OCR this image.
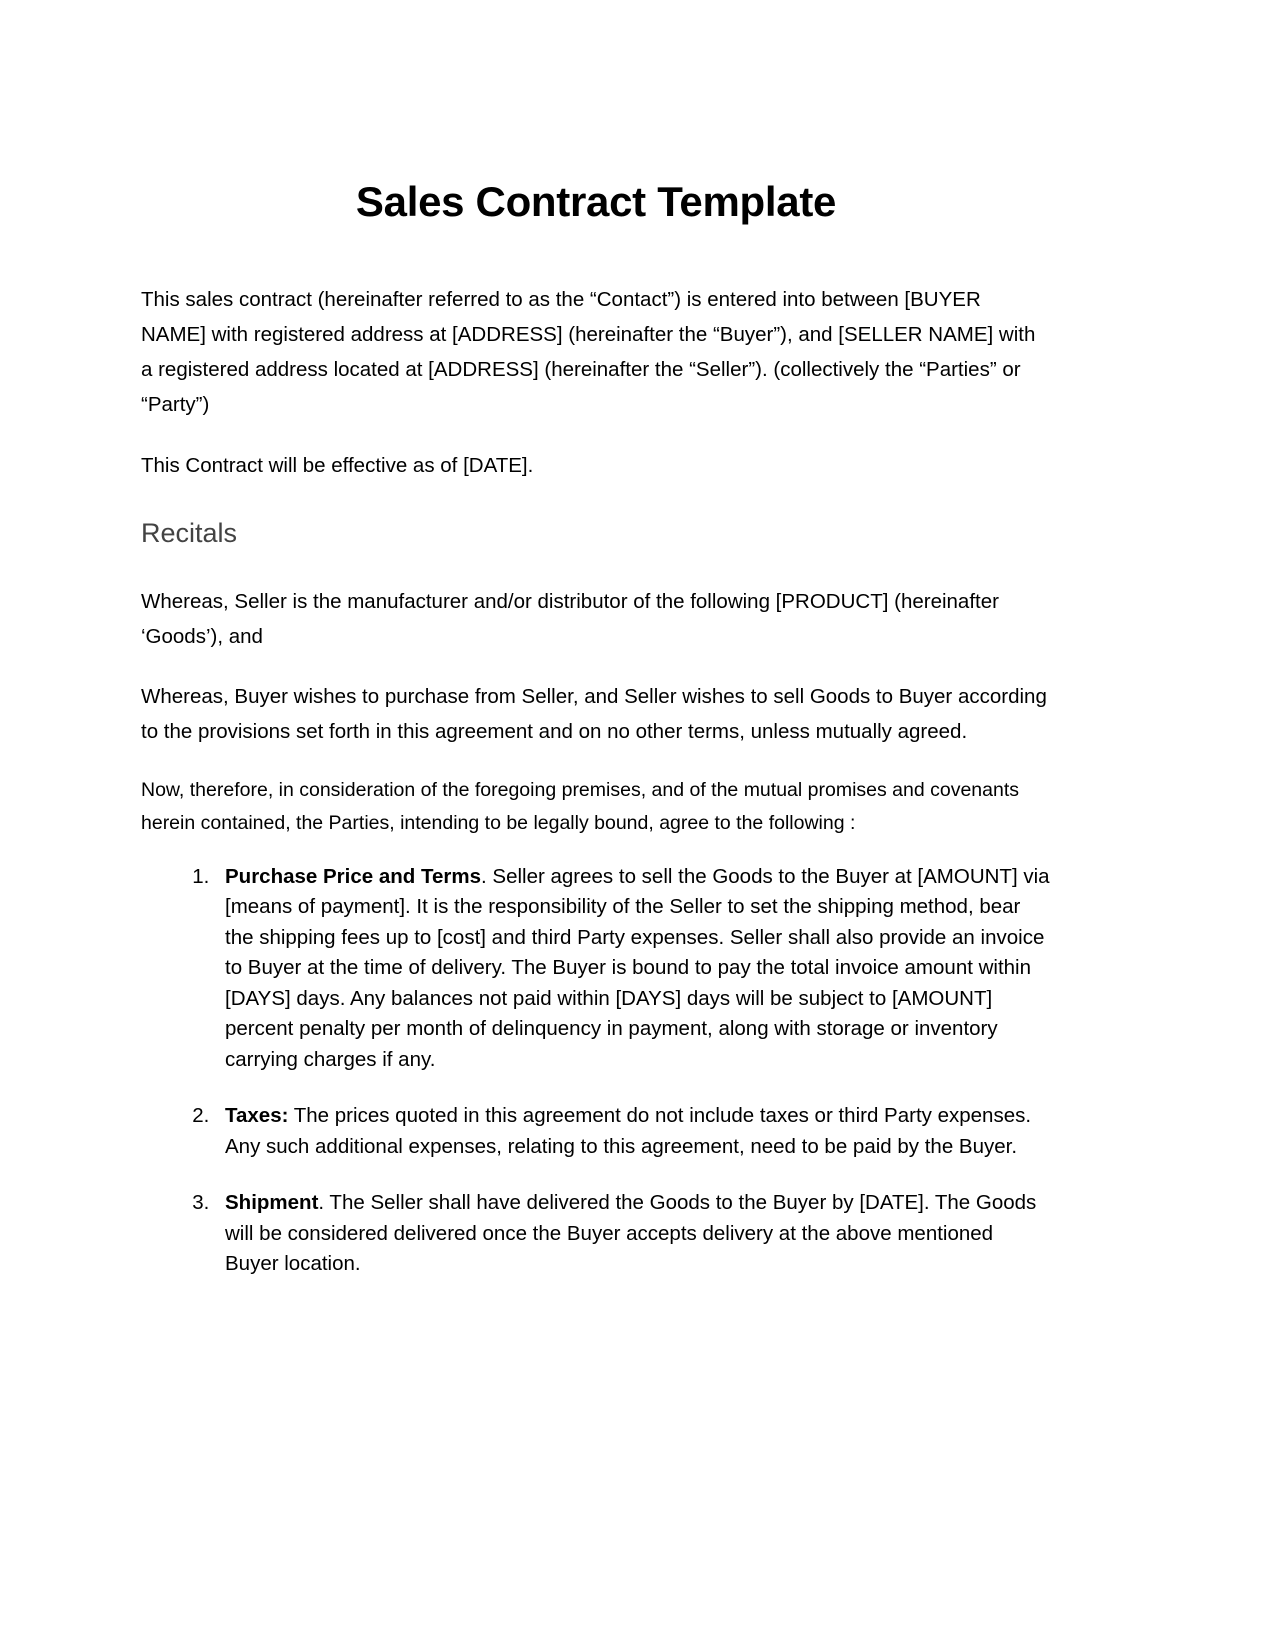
Sales Contract Template

This sales contract (hereinafter referred to as the “Contact”) is entered into between [BUYER NAME] with registered address at [ADDRESS] (hereinafter the “Buyer”), and [SELLER NAME] with a registered address located at [ADDRESS] (hereinafter the “Seller”). (collectively the “Parties” or “Party”)

This Contract will be effective as of [DATE].

Recitals

Whereas, Seller is the manufacturer and/or distributor of the following [PRODUCT] (hereinafter ‘Goods’), and

Whereas, Buyer wishes to purchase from Seller, and Seller wishes to sell Goods to Buyer according to the provisions set forth in this agreement and on no other terms, unless mutually agreed.

Now, therefore, in consideration of the foregoing premises, and of the mutual promises and covenants herein contained, the Parties, intending to be legally bound, agree to the following :

1. Purchase Price and Terms. Seller agrees to sell the Goods to the Buyer at [AMOUNT] via [means of payment]. It is the responsibility of the Seller to set the shipping method, bear the shipping fees up to [cost] and third Party expenses. Seller shall also provide an invoice to Buyer at the time of delivery. The Buyer is bound to pay the total invoice amount within [DAYS] days. Any balances not paid within [DAYS] days will be subject to [AMOUNT] percent penalty per month of delinquency in payment, along with storage or inventory carrying charges if any.
2. Taxes: The prices quoted in this agreement do not include taxes or third Party expenses. Any such additional expenses, relating to this agreement, need to be paid by the Buyer.
3. Shipment. The Seller shall have delivered the Goods to the Buyer by [DATE]. The Goods will be considered delivered once the Buyer accepts delivery at the above mentioned Buyer location.
